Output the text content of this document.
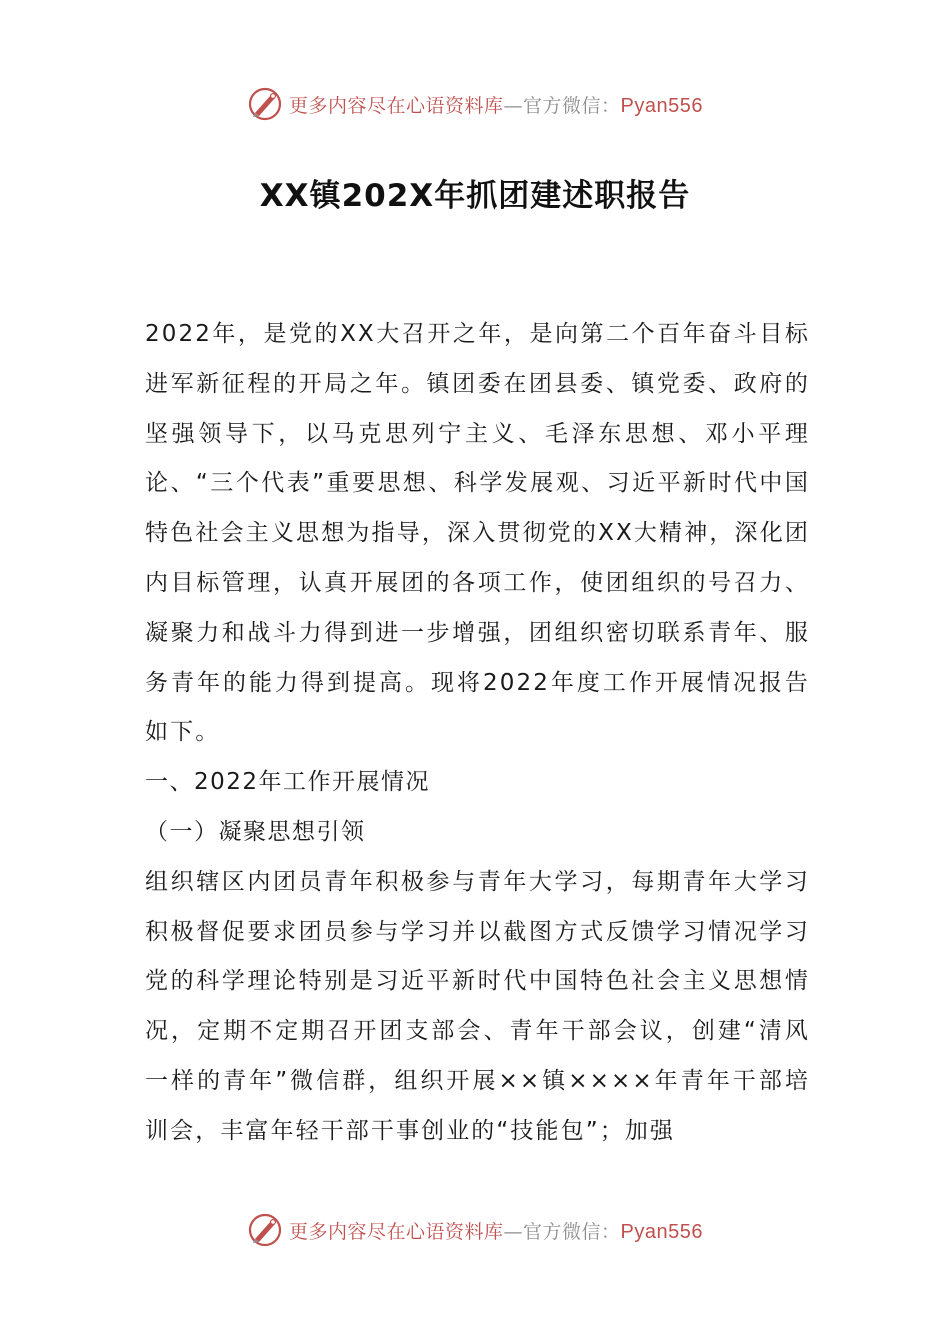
更多内容尽在心语资料库—官方微信：Pyan556
XX镇202X年抓团建述职报告

2022年，是党的XX大召开之年，是向第二个百年奋斗目标进军新征程的开局之年。镇团委在团县委、镇党委、政府的坚强领导下，以马克思列宁主义、毛泽东思想、邓小平理论、“三个代表”重要思想、科学发展观、习近平新时代中国特色社会主义思想为指导，深入贯彻党的XX大精神，深化团内目标管理，认真开展团的各项工作，使团组织的号召力、凝聚力和战斗力得到进一步增强，团组织密切联系青年、服务青年的能力得到提高。现将2022年度工作开展情况报告如下。

一、2022年工作开展情况

（一）凝聚思想引领

组织辖区内团员青年积极参与青年大学习，每期青年大学习积极督促要求团员参与学习并以截图方式反馈学习情况学习党的科学理论特别是习近平新时代中国特色社会主义思想情况，定期不定期召开团支部会、青年干部会议，创建“清风一样的青年”微信群，组织开展××镇××××年青年干部培训会，丰富年轻干部干事创业的“技能包”；加强

更多内容尽在心语资料库—官方微信：Pyan556
